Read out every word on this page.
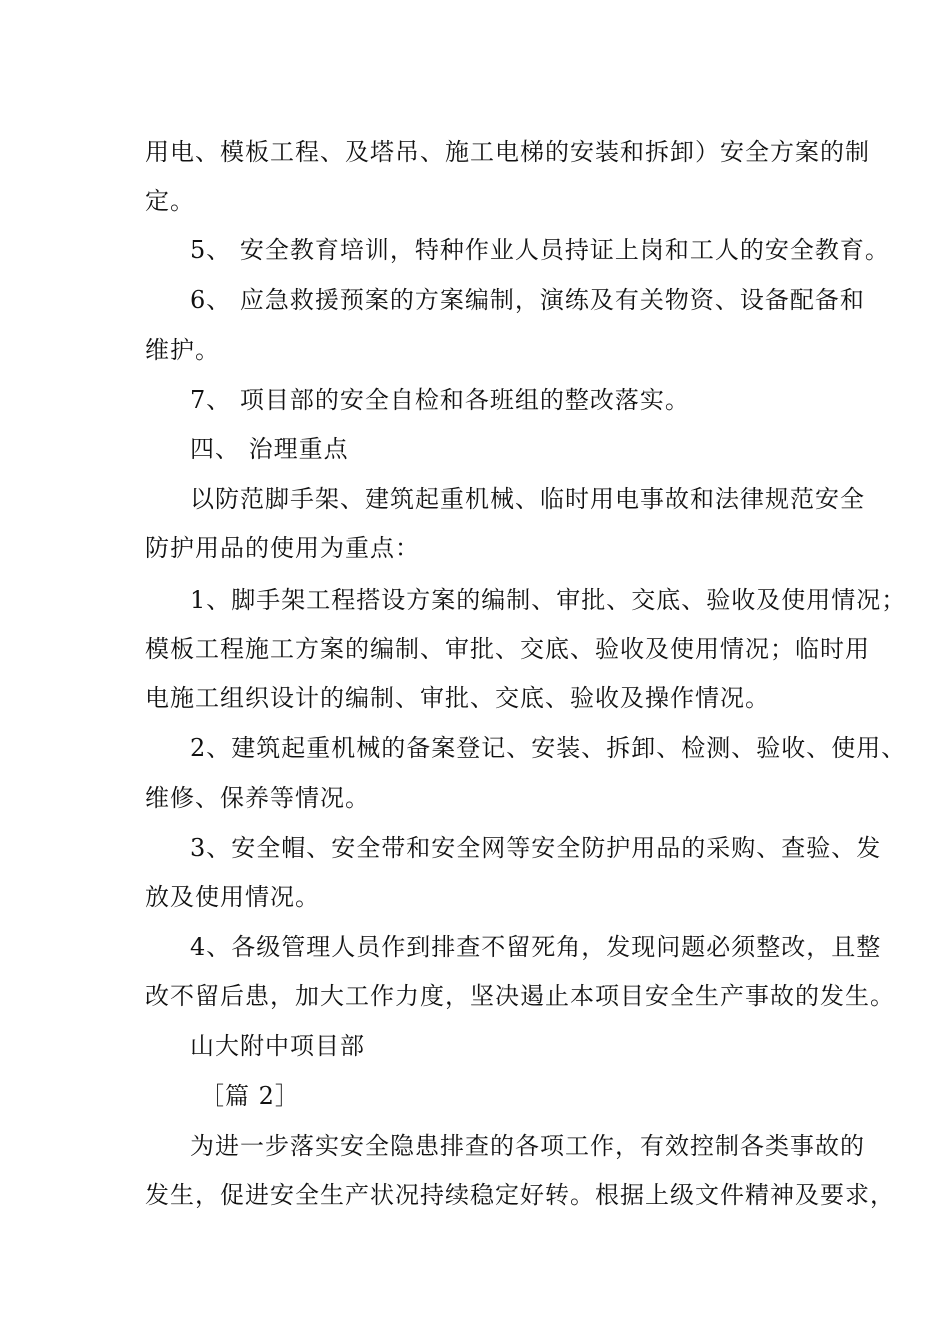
用电、模板工程、及塔吊、施工电梯的安装和拆卸）安全方案的制
定。
5、 安全教育培训，特种作业人员持证上岗和工人的安全教育。
6、 应急救援预案的方案编制，演练及有关物资、设备配备和
维护。
7、 项目部的安全自检和各班组的整改落实。
四、 治理重点
以防范脚手架、建筑起重机械、临时用电事故和法律规范安全
防护用品的使用为重点：
1、脚手架工程搭设方案的编制、审批、交底、验收及使用情况；
模板工程施工方案的编制、审批、交底、验收及使用情况；临时用
电施工组织设计的编制、审批、交底、验收及操作情况。
2、建筑起重机械的备案登记、安装、拆卸、检测、验收、使用、
维修、保养等情况。
3、安全帽、安全带和安全网等安全防护用品的采购、查验、发
放及使用情况。
4、各级管理人员作到排查不留死角，发现问题必须整改，且整
改不留后患，加大工作力度，坚决遏止本项目安全生产事故的发生。
山大附中项目部
［篇 2］
为进一步落实安全隐患排查的各项工作，有效控制各类事故的
发生，促进安全生产状况持续稳定好转。根据上级文件精神及要求，
